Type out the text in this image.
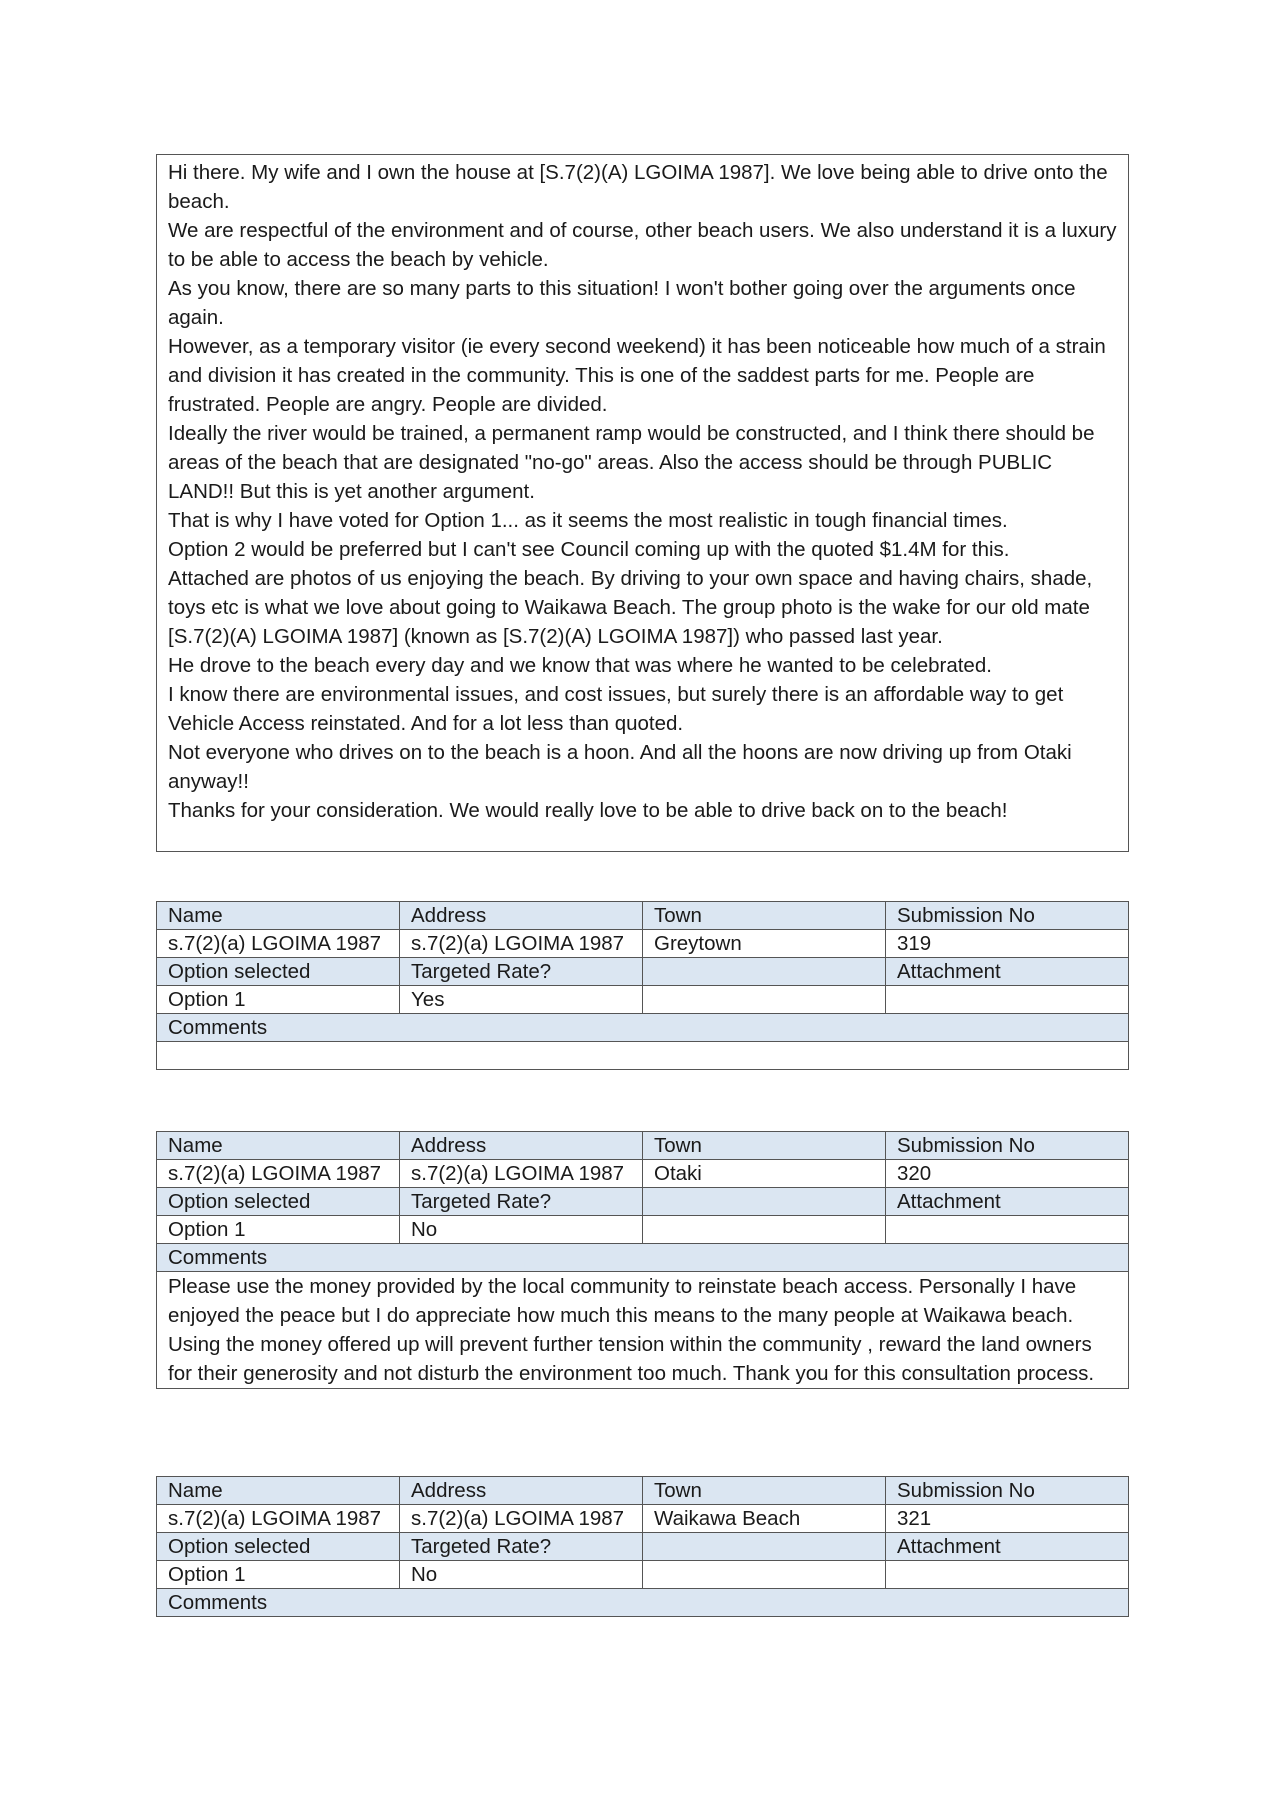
Hi there. My wife and I own the house at [S.7(2)(A) LGOIMA 1987]. We love being able to drive onto the beach.

We are respectful of the environment and of course, other beach users. We also understand it is a luxury to be able to access the beach by vehicle.

As you know, there are so many parts to this situation! I won't bother going over the arguments once again.

However, as a temporary visitor (ie every second weekend) it has been noticeable how much of a strain and division it has created in the community. This is one of the saddest parts for me. People are frustrated. People are angry. People are divided.

Ideally the river would be trained, a permanent ramp would be constructed, and I think there should be areas of the beach that are designated "no-go" areas. Also the access should be through PUBLIC LAND!! But this is yet another argument.

That is why I have voted for Option 1... as it seems the most realistic in tough financial times.

Option 2 would be preferred but I can't see Council coming up with the quoted $1.4M for this.

Attached are photos of us enjoying the beach. By driving to your own space and having chairs, shade, toys etc is what we love about going to Waikawa Beach. The group photo is the wake for our old mate [S.7(2)(A) LGOIMA 1987] (known as [S.7(2)(A) LGOIMA 1987]) who passed last year.

He drove to the beach every day and we know that was where he wanted to be celebrated.

I know there are environmental issues, and cost issues, but surely there is an affordable way to get Vehicle Access reinstated. And for a lot less than quoted.

Not everyone who drives on to the beach is a hoon. And all the hoons are now driving up from Otaki anyway!!

Thanks for your consideration. We would really love to be able to drive back on to the beach!

Name	Address	Town	Submission No
s.7(2)(a) LGOIMA 1987	s.7(2)(a) LGOIMA 1987	Greytown	319
Option selected	Targeted Rate?		Attachment
Option 1	Yes		
Comments			

Name	Address	Town	Submission No
s.7(2)(a) LGOIMA 1987	s.7(2)(a) LGOIMA 1987	Otaki	320
Option selected	Targeted Rate?		Attachment
Option 1	No		
Comments			
Please use the money provided by the local community to reinstate beach access. Personally I have enjoyed the peace but I do appreciate how much this means to the many people at Waikawa beach. Using the money offered up will prevent further tension within the community , reward the land owners for their generosity and not disturb the environment too much. Thank you for this consultation process.			
Name	Address	Town	Submission No
s.7(2)(a) LGOIMA 1987	s.7(2)(a) LGOIMA 1987	Waikawa Beach	321
Option selected	Targeted Rate?		Attachment
Option 1	No		
Comments			
